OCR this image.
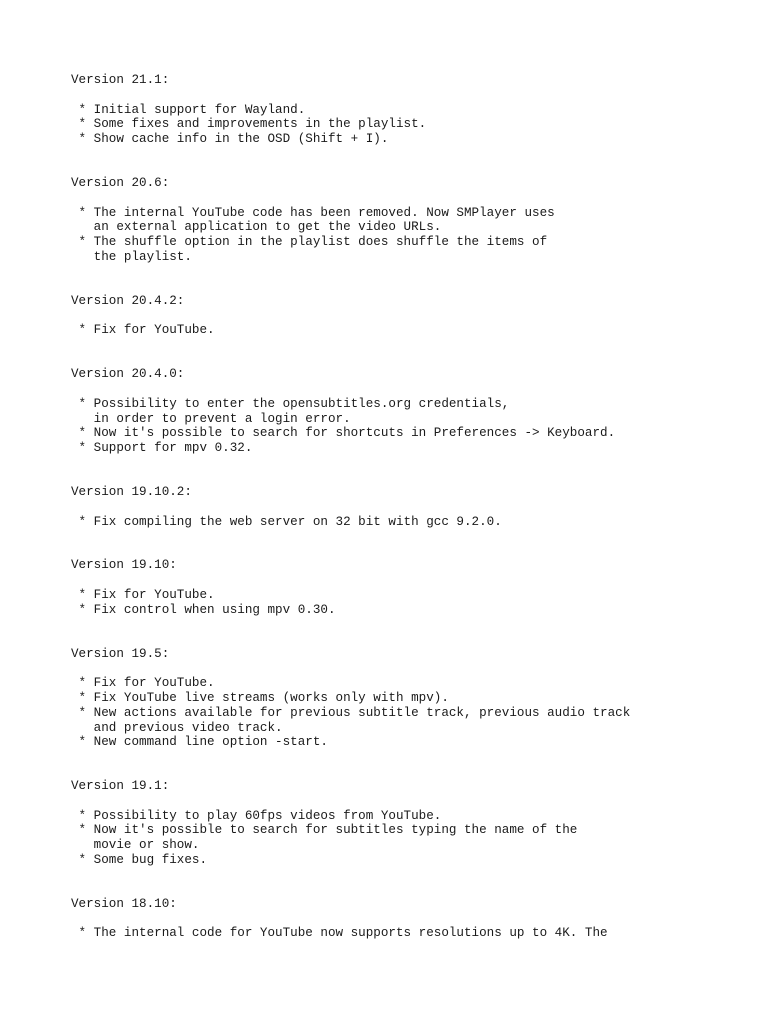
Version 21.1:
* Initial support for Wayland.
* Some fixes and improvements in the playlist.
* Show cache info in the OSD (Shift + I).
Version 20.6:
* The internal YouTube code has been removed. Now SMPlayer uses
an external application to get the video URLs.
* The shuffle option in the playlist does shuffle the items of
the playlist.
Version 20.4.2:
* Fix for YouTube.
Version 20.4.0:
* Possibility to enter the opensubtitles.org credentials,
in order to prevent a login error.
* Now it's possible to search for shortcuts in Preferences -> Keyboard.
* Support for mpv 0.32.
Version 19.10.2:
* Fix compiling the web server on 32 bit with gcc 9.2.0.
Version 19.10:
* Fix for YouTube.
* Fix control when using mpv 0.30.
Version 19.5:
* Fix for YouTube.
* Fix YouTube live streams (works only with mpv).
* New actions available for previous subtitle track, previous audio track
and previous video track.
* New command line option -start.
Version 19.1:
* Possibility to play 60fps videos from YouTube.
* Now it's possible to search for subtitles typing the name of the
movie or show.
* Some bug fixes.
Version 18.10:
* The internal code for YouTube now supports resolutions up to 4K. The
